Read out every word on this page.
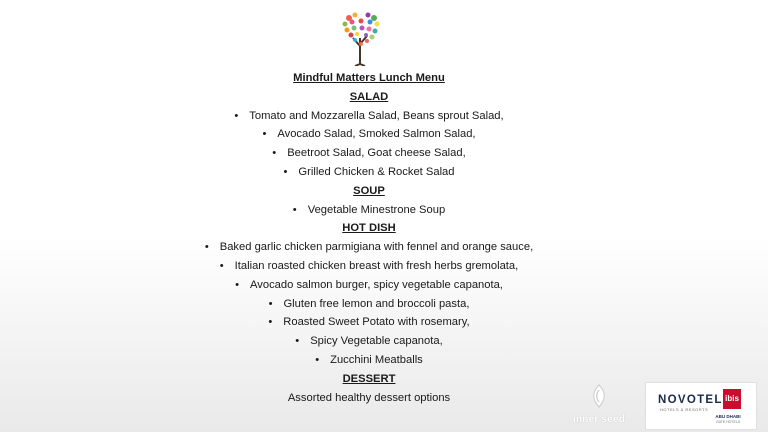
Mindful Matters Lunch Menu
SALAD
• Tomato and Mozzarella Salad, Beans sprout Salad,
• Avocado Salad, Smoked Salmon Salad,
• Beetroot Salad, Goat cheese Salad,
• Grilled Chicken & Rocket Salad
SOUP
• Vegetable Minestrone Soup
HOT DISH
• Baked garlic chicken parmigiana with fennel and orange sauce,
• Italian roasted chicken breast with fresh herbs gremolata,
• Avocado salmon burger, spicy vegetable capanota,
• Gluten free lemon and broccoli pasta,
• Roasted Sweet Potato with rosemary,
• Spicy Vegetable capanota,
• Zucchini Meatballs
DESSERT
Assorted healthy dessert options
inner seed
NOVOTEL
HOTELS & RESORTS
ibis
ABU DHABI
GATE HOTELS
